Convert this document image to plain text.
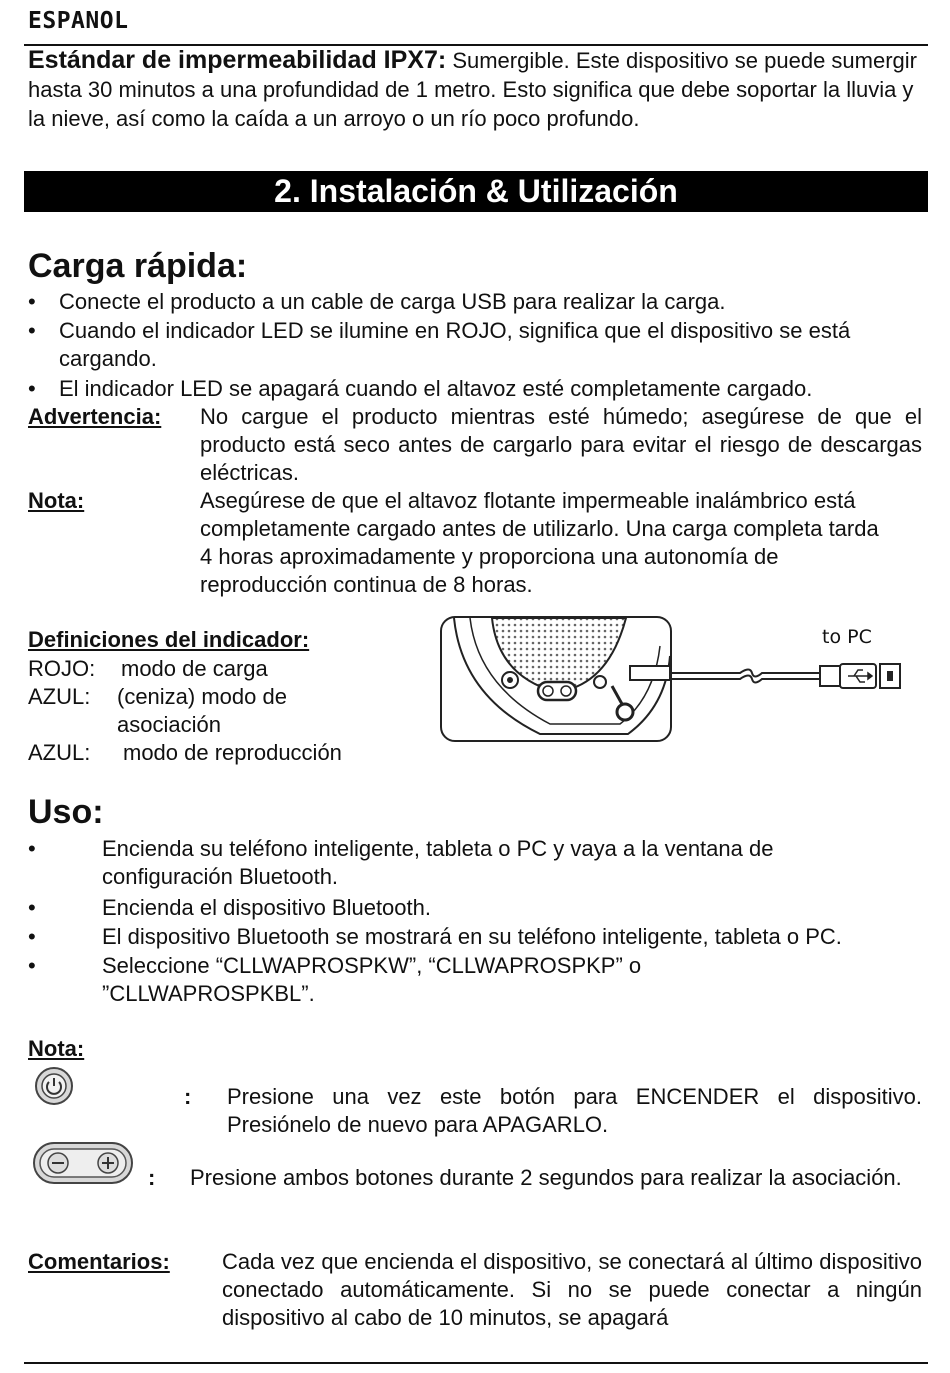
ESPANOL
Estándar de impermeabilidad IPX7: Sumergible. Este dispositivo se puede sumergir hasta 30 minutos a una profundidad de 1 metro. Esto significa que debe soportar la lluvia y la nieve, así como la caída a un arroyo o un río poco profundo.
2. Instalación & Utilización
Carga rápida:
• Conecte el producto a un cable de carga USB para realizar la carga.
• Cuando el indicador LED se ilumine en ROJO, significa que el dispositivo se está cargando.
• El indicador LED se apagará cuando el altavoz esté completamente cargado.
Advertencia: No cargue el producto mientras esté húmedo; asegúrese de que el producto está seco antes de cargarlo para evitar el riesgo de descargas eléctricas.
Nota:	Asegúrese de que el altavoz flotante impermeable inalámbrico está completamente cargado antes de utilizarlo. Una carga completa tarda 4 horas aproximadamente y proporciona una autonomía de reproducción continua de 8 horas.
Definiciones del indicador:
ROJO: modo de carga
AZUL: (ceniza) modo de asociación
AZUL: modo de reproducción
to PC
Uso:
•	Encienda su teléfono inteligente, tableta o PC y vaya a la ventana de configuración Bluetooth.
•	Encienda el dispositivo Bluetooth.
•	El dispositivo Bluetooth se mostrará en su teléfono inteligente, tableta o PC.
•	Seleccione “CLLWAPROSPKW”, “CLLWAPROSPKP” o ”CLLWAPROSPKBL”.
Nota:
: Presione una vez este botón para ENCENDER el dispositivo. Presiónelo de nuevo para APAGARLO.
: Presione ambos botones durante 2 segundos para realizar la asociación.
Comentarios: Cada vez que encienda el dispositivo, se conectará al último dispositivo conectado automáticamente. Si no se puede conectar a ningún dispositivo al cabo de 10 minutos, se apagará
